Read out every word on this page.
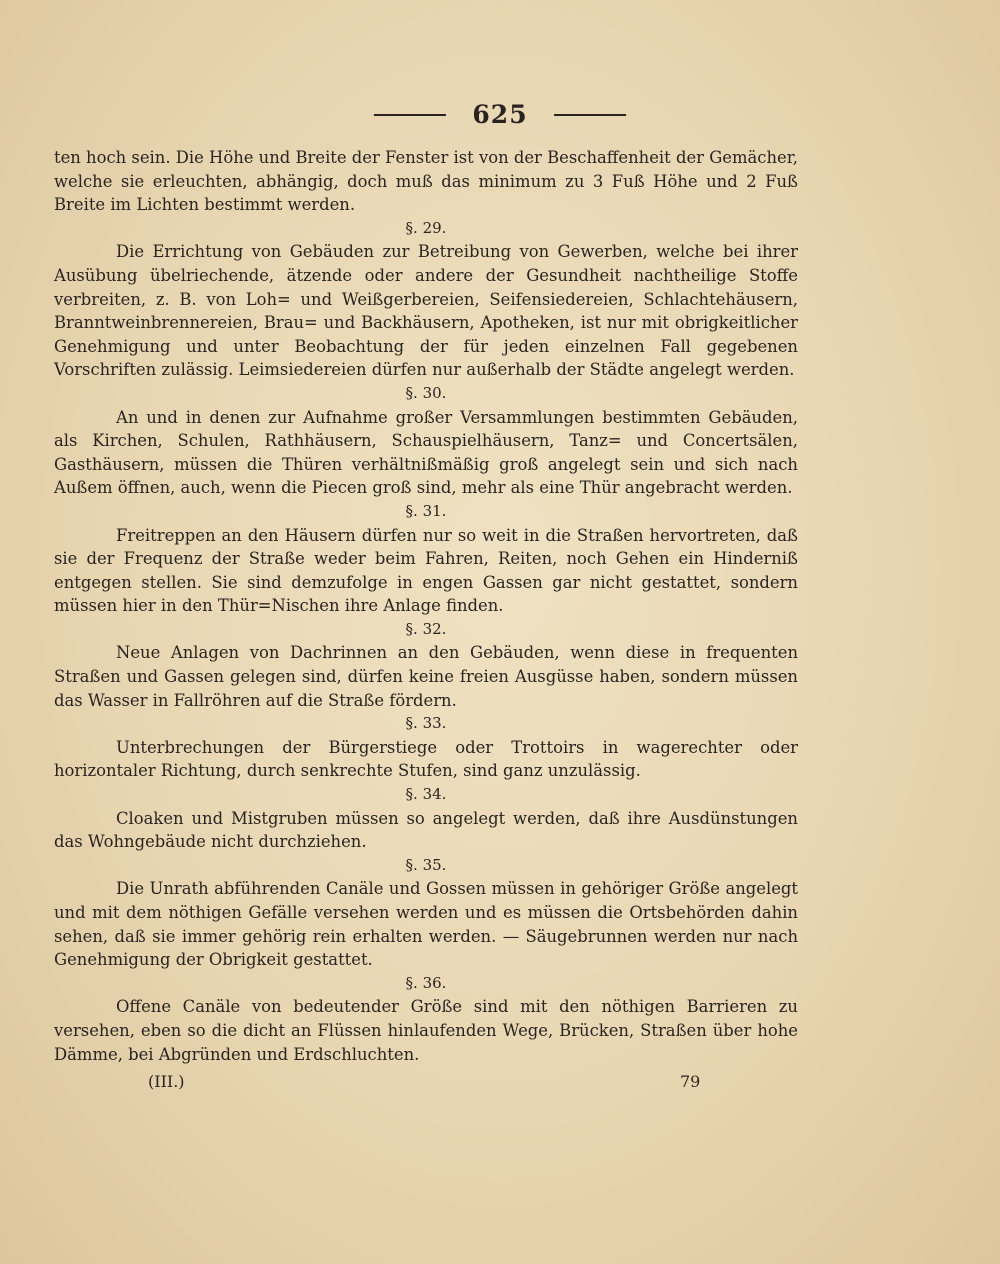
625

ten hoch sein. Die Höhe und Breite der Fenster ist von der Beschaffenheit der Gemächer, welche sie erleuchten, abhängig, doch muß das minimum zu 3 Fuß Höhe und 2 Fuß Breite im Lichten bestimmt werden.

§. 29.

Die Errichtung von Gebäuden zur Betreibung von Gewerben, welche bei ihrer Ausübung übelriechende, ätzende oder andere der Gesundheit nachtheilige Stoffe verbreiten, z. B. von Loh= und Weißgerbereien, Seifensiedereien, Schlachtehäusern, Branntweinbrennereien, Brau= und Backhäusern, Apotheken, ist nur mit obrigkeitlicher Genehmigung und unter Beobachtung der für jeden einzelnen Fall gegebenen Vorschriften zulässig. Leimsiedereien dürfen nur außerhalb der Städte angelegt werden.

§. 30.

An und in denen zur Aufnahme großer Versammlungen bestimmten Gebäuden, als Kirchen, Schulen, Rathhäusern, Schauspielhäusern, Tanz= und Concertsälen, Gasthäusern, müssen die Thüren verhältnißmäßig groß angelegt sein und sich nach Außem öffnen, auch, wenn die Piecen groß sind, mehr als eine Thür angebracht werden.

§. 31.

Freitreppen an den Häusern dürfen nur so weit in die Straßen hervortreten, daß sie der Frequenz der Straße weder beim Fahren, Reiten, noch Gehen ein Hinderniß entgegen stellen. Sie sind demzufolge in engen Gassen gar nicht gestattet, sondern müssen hier in den Thür=Nischen ihre Anlage finden.

§. 32.

Neue Anlagen von Dachrinnen an den Gebäuden, wenn diese in frequenten Straßen und Gassen gelegen sind, dürfen keine freien Ausgüsse haben, sondern müssen das Wasser in Fallröhren auf die Straße fördern.

§. 33.

Unterbrechungen der Bürgerstiege oder Trottoirs in wagerechter oder horizontaler Richtung, durch senkrechte Stufen, sind ganz unzulässig.

§. 34.

Cloaken und Mistgruben müssen so angelegt werden, daß ihre Ausdünstungen das Wohngebäude nicht durchziehen.

§. 35.

Die Unrath abführenden Canäle und Gossen müssen in gehöriger Größe angelegt und mit dem nöthigen Gefälle versehen werden und es müssen die Ortsbehörden dahin sehen, daß sie immer gehörig rein erhalten werden. — Säugebrunnen werden nur nach Genehmigung der Obrigkeit gestattet.

§. 36.

Offene Canäle von bedeutender Größe sind mit den nöthigen Barrieren zu versehen, eben so die dicht an Flüssen hinlaufenden Wege, Brücken, Straßen über hohe Dämme, bei Abgründen und Erdschluchten.

(III.)	79
